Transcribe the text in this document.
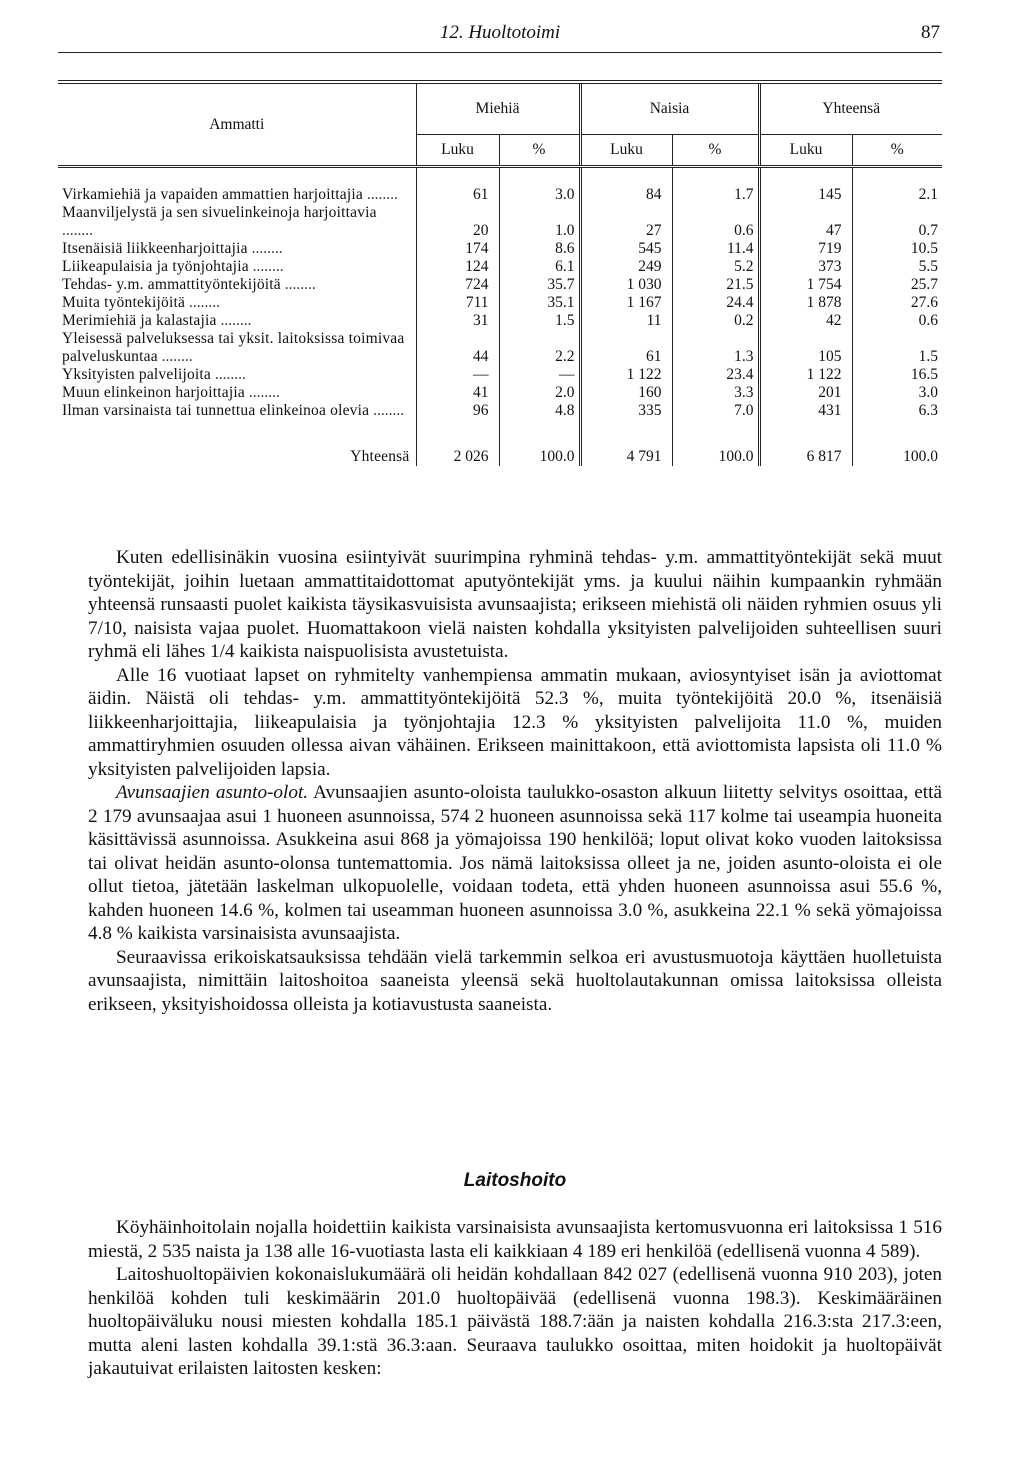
12. Huoltotoimi	87
Ammatti	Miehiä		Naisia		Yhteensä	
	Luku	%	Luku	%	Luku	%

Virkamiehiä ja vapaiden ammattien harjoittajia ........	61	3.0	84	1.7	145	2.1
Maanviljelystä ja sen sivuelinkeinoja harjoittavia ........	20	1.0	27	0.6	47	0.7
Itsenäisiä liikkeenharjoittajia ........	174	8.6	545	11.4	719	10.5
Liikeapulaisia ja työnjohtajia ........	124	6.1	249	5.2	373	5.5
Tehdas- y.m. ammattityöntekijöitä ........	724	35.7	1 030	21.5	1 754	25.7
Muita työntekijöitä ........	711	35.1	1 167	24.4	1 878	27.6
Merimiehiä ja kalastajia ........	31	1.5	11	0.2	42	0.6
Yleisessä palveluksessa tai yksit. laitoksissa toimivaa palveluskuntaa ........	44	2.2	61	1.3	105	1.5
Yksityisten palvelijoita ........	—	—	1 122	23.4	1 122	16.5
Muun elinkeinon harjoittajia ........	41	2.0	160	3.3	201	3.0
Ilman varsinaista tai tunnettua elinkeinoa olevia ........	96	4.8	335	7.0	431	6.3

Yhteensä	2 026	100.0	4 791	100.0	6 817	100.0

Kuten edellisinäkin vuosina esiintyivät suurimpina ryhminä tehdas- y.m. ammattityöntekijät sekä muut työntekijät, joihin luetaan ammattitaidottomat aputyöntekijät yms. ja kuului näihin kumpaankin ryhmään yhteensä runsaasti puolet kaikista täysikasvuisista avunsaajista; erikseen miehistä oli näiden ryhmien osuus yli 7/10, naisista vajaa puolet. Huomattakoon vielä naisten kohdalla yksityisten palvelijoiden suhteellisen suuri ryhmä eli lähes 1/4 kaikista naispuolisista avustetuista.

Alle 16 vuotiaat lapset on ryhmitelty vanhempiensa ammatin mukaan, aviosyntyiset isän ja aviottomat äidin. Näistä oli tehdas- y.m. ammattityöntekijöitä 52.3 %, muita työntekijöitä 20.0 %, itsenäisiä liikkeenharjoittajia, liikeapulaisia ja työnjohtajia 12.3 % yksityisten palvelijoita 11.0 %, muiden ammattiryhmien osuuden ollessa aivan vähäinen. Erikseen mainittakoon, että aviottomista lapsista oli 11.0 % yksityisten palvelijoiden lapsia.

Avunsaajien asunto-olot. Avunsaajien asunto-oloista taulukko-osaston alkuun liitetty selvitys osoittaa, että 2 179 avunsaajaa asui 1 huoneen asunnoissa, 574 2 huoneen asunnoissa sekä 117 kolme tai useampia huoneita käsittävissä asunnoissa. Asukkeina asui 868 ja yömajoissa 190 henkilöä; loput olivat koko vuoden laitoksissa tai olivat heidän asunto-olonsa tuntemattomia. Jos nämä laitoksissa olleet ja ne, joiden asunto-oloista ei ole ollut tietoa, jätetään laskelman ulkopuolelle, voidaan todeta, että yhden huoneen asunnoissa asui 55.6 %, kahden huoneen 14.6 %, kolmen tai useamman huoneen asunnoissa 3.0 %, asukkeina 22.1 % sekä yömajoissa 4.8 % kaikista varsinaisista avunsaajista.

Seuraavissa erikoiskatsauksissa tehdään vielä tarkemmin selkoa eri avustusmuotoja käyttäen huolletuista avunsaajista, nimittäin laitoshoitoa saaneista yleensä sekä huoltolautakunnan omissa laitoksissa olleista erikseen, yksityishoidossa olleista ja kotiavustusta saaneista.

Laitoshoito

Köyhäinhoitolain nojalla hoidettiin kaikista varsinaisista avunsaajista kertomusvuonna eri laitoksissa 1 516 miestä, 2 535 naista ja 138 alle 16-vuotiasta lasta eli kaikkiaan 4 189 eri henkilöä (edellisenä vuonna 4 589).

Laitoshuoltopäivien kokonaislukumäärä oli heidän kohdallaan 842 027 (edellisenä vuonna 910 203), joten henkilöä kohden tuli keskimäärin 201.0 huoltopäivää (edellisenä vuonna 198.3). Keskimääräinen huoltopäiväluku nousi miesten kohdalla 185.1 päivästä 188.7:ään ja naisten kohdalla 216.3:sta 217.3:een, mutta aleni lasten kohdalla 39.1:stä 36.3:aan. Seuraava taulukko osoittaa, miten hoidokit ja huoltopäivät jakautuivat erilaisten laitosten kesken:
